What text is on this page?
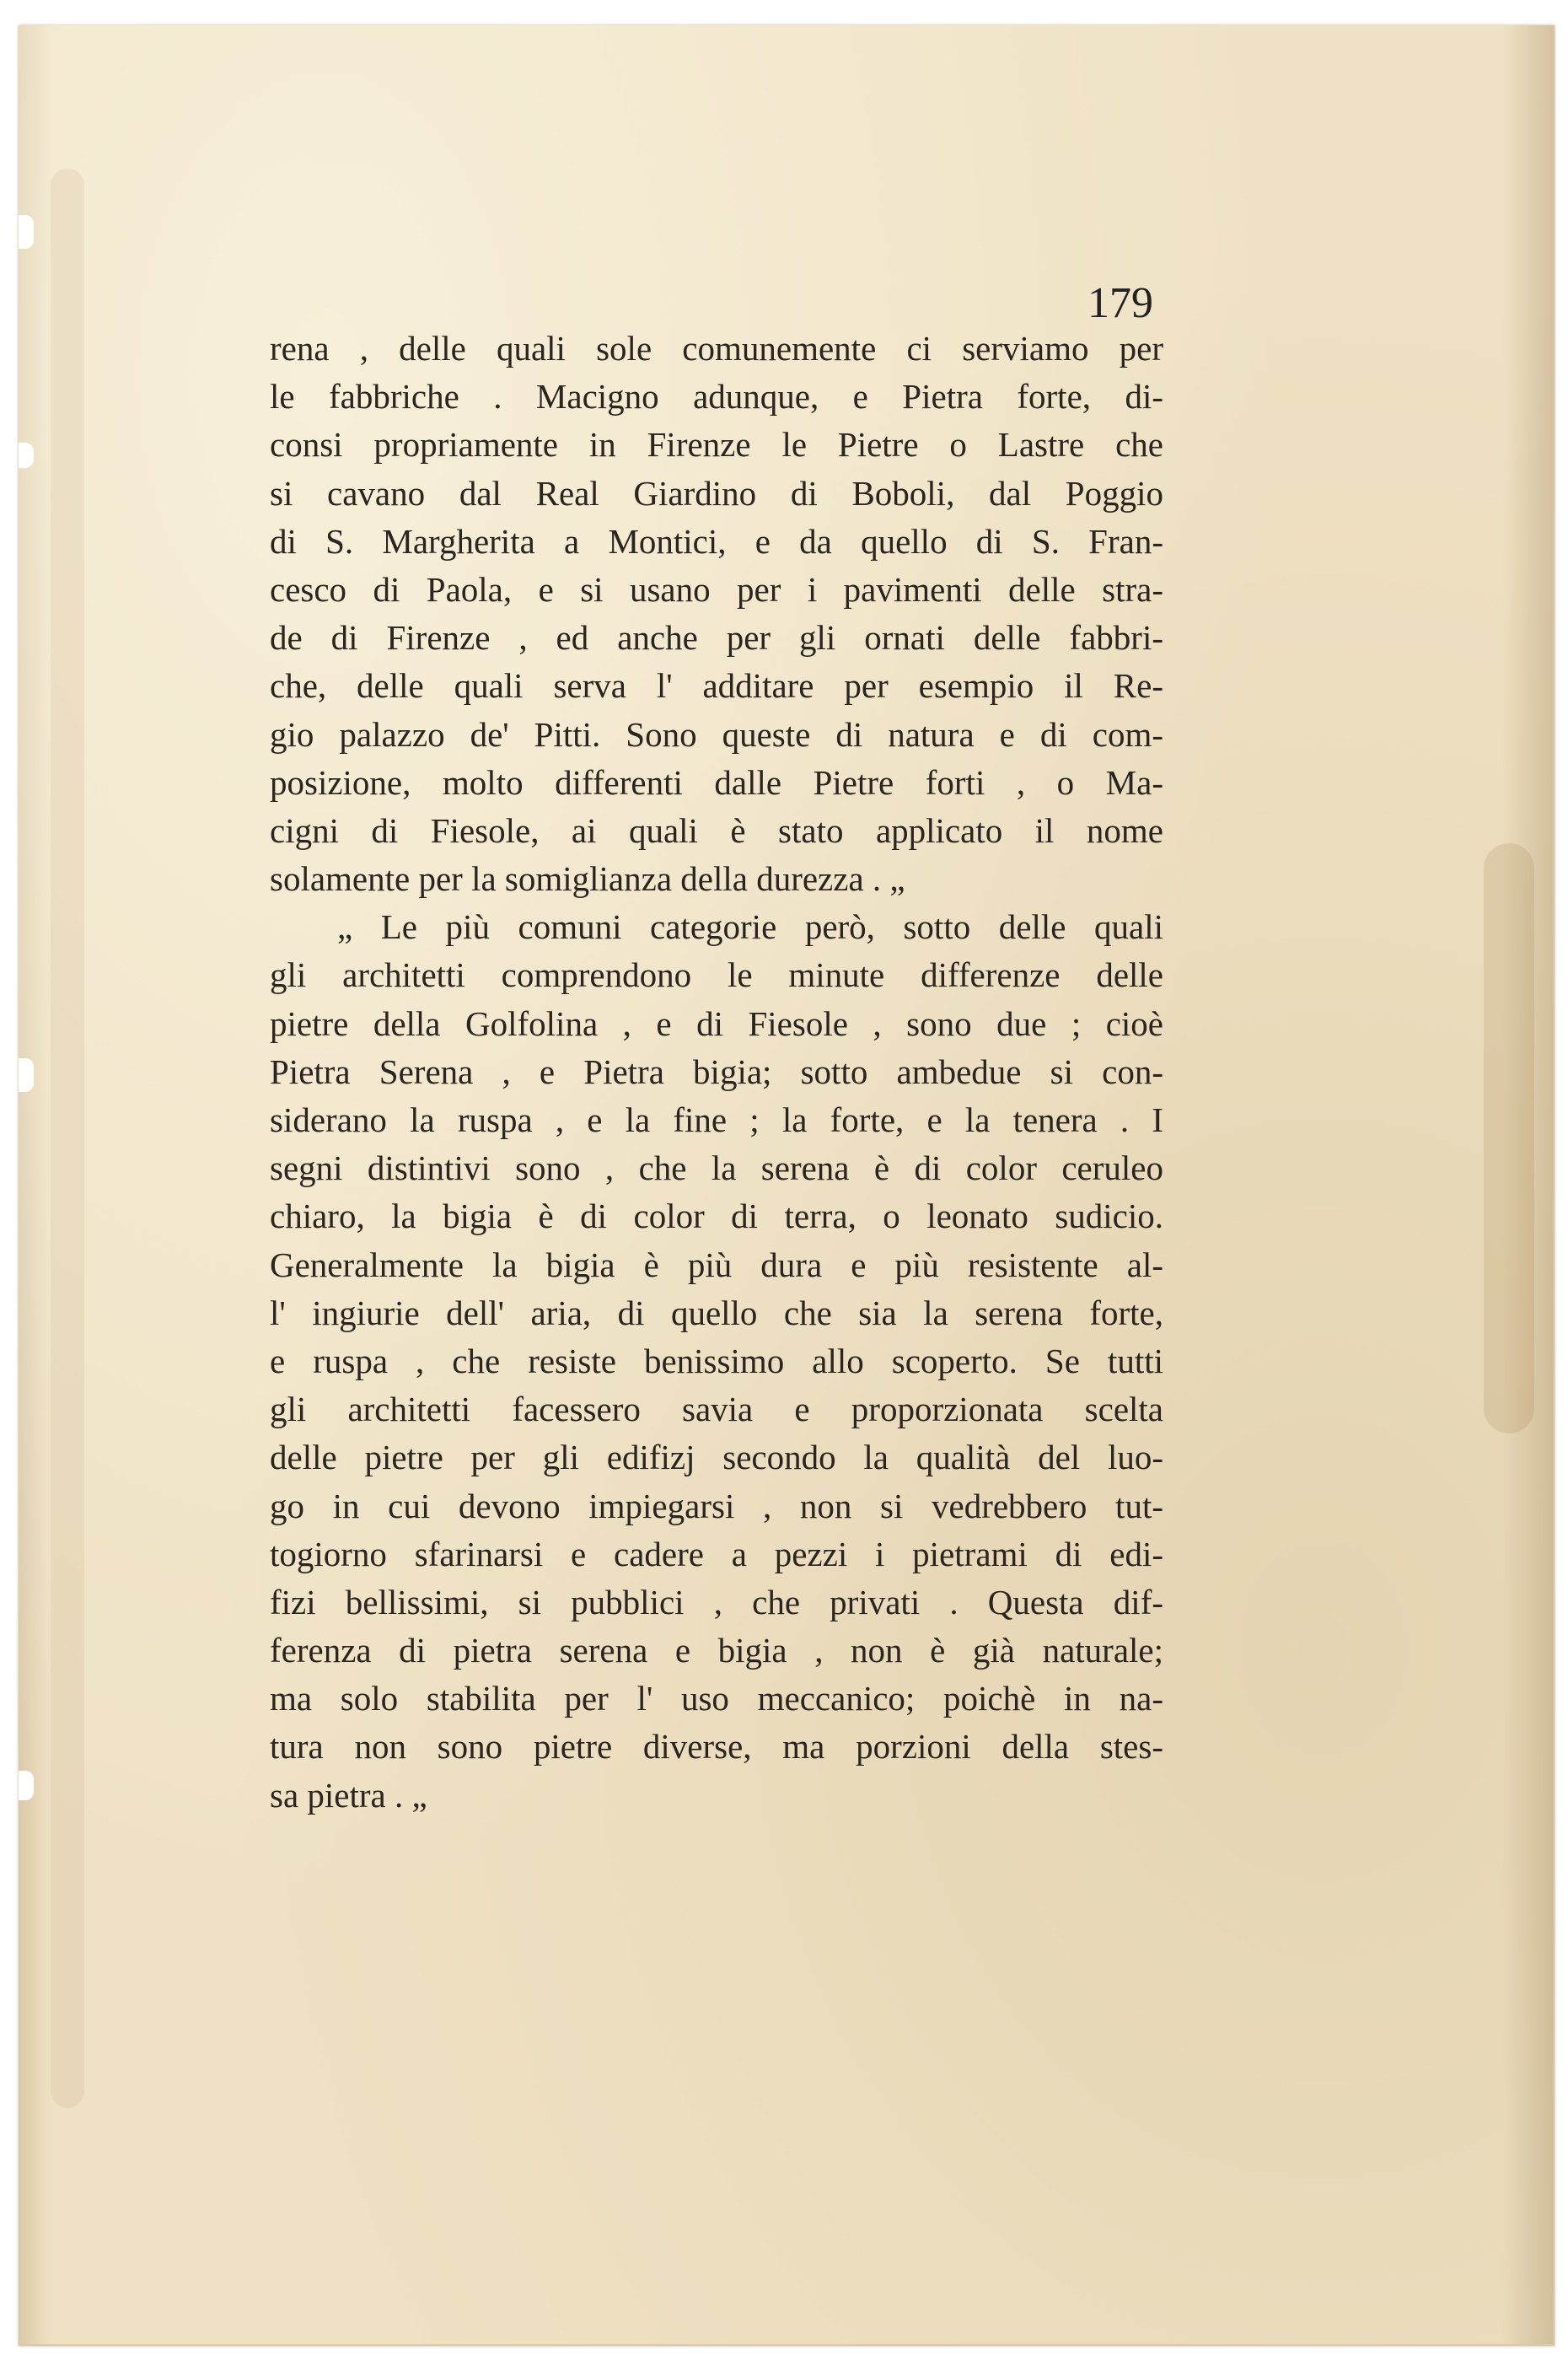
179
rena , delle quali sole comunemente ci serviamo per
le fabbriche . Macigno adunque, e Pietra forte, di-
consi propriamente in Firenze le Pietre o Lastre che
si cavano dal Real Giardino di Boboli, dal Poggio
di S. Margherita a Montici, e da quello di S. Fran-
cesco di Paola, e si usano per i pavimenti delle stra-
de di Firenze , ed anche per gli ornati delle fabbri-
che, delle quali serva l' additare per esempio il Re-
gio palazzo de' Pitti. Sono queste di natura e di com-
posizione, molto differenti dalle Pietre forti , o Ma-
cigni di Fiesole, ai quali è stato applicato il nome
solamente per la somiglianza della durezza . „
„ Le più comuni categorie però, sotto delle quali
gli architetti comprendono le minute differenze delle
pietre della Golfolina , e di Fiesole , sono due ; cioè
Pietra Serena , e Pietra bigia; sotto ambedue si con-
siderano la ruspa , e la fine ; la forte, e la tenera . I
segni distintivi sono , che la serena è di color ceruleo
chiaro, la bigia è di color di terra, o leonato sudicio.
Generalmente la bigia è più dura e più resistente al-
l' ingiurie dell' aria, di quello che sia la serena forte,
e ruspa , che resiste benissimo allo scoperto. Se tutti
gli architetti facessero savia e proporzionata scelta
delle pietre per gli edifizj secondo la qualità del luo-
go in cui devono impiegarsi , non si vedrebbero tut-
togiorno sfarinarsi e cadere a pezzi i pietrami di edi-
fizi bellissimi, si pubblici , che privati . Questa dif-
ferenza di pietra serena e bigia , non è già naturale;
ma solo stabilita per l' uso meccanico; poichè in na-
tura non sono pietre diverse, ma porzioni della stes-
sa pietra . „
